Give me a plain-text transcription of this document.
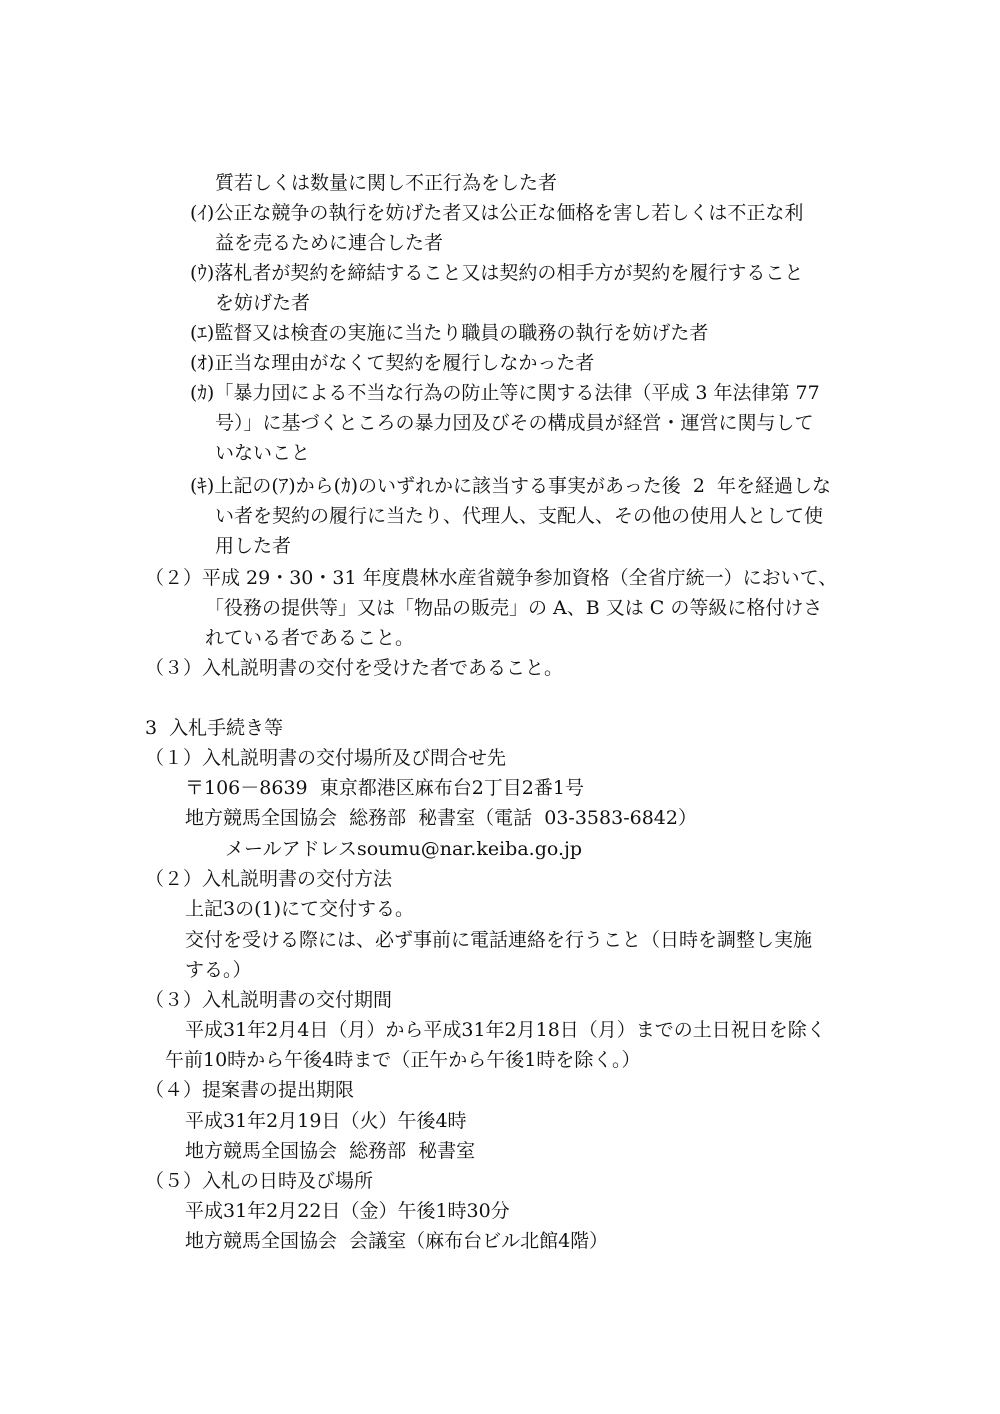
質若しくは数量に関し不正行為をした者
(ｲ)公正な競争の執行を妨げた者又は公正な価格を害し若しくは不正な利
益を売るために連合した者
(ｳ)落札者が契約を締結すること又は契約の相手方が契約を履行すること
を妨げた者
(ｴ)監督又は検査の実施に当たり職員の職務の執行を妨げた者
(ｵ)正当な理由がなくて契約を履行しなかった者
(ｶ)「暴力団による不当な行為の防止等に関する法律（平成 3 年法律第 77
号）」に基づくところの暴力団及びその構成員が経営・運営に関与して
いないこと
(ｷ)上記の(ｱ)から(ｶ)のいずれかに該当する事実があった後  2  年を経過しな
い者を契約の履行に当たり、代理人、支配人、その他の使用人として使
用した者
（２）平成 29・30・31 年度農林水産省競争参加資格（全省庁統一）において、
「役務の提供等」又は「物品の販売」の A、B 又は C の等級に格付けさ
れている者であること。
（３）入札説明書の交付を受けた者であること。
3  入札手続き等
（１）入札説明書の交付場所及び問合せ先
〒106－8639  東京都港区麻布台2丁目2番1号
地方競馬全国協会  総務部  秘書室（電話  03-3583-6842）
メールアドレスsoumu@nar.keiba.go.jp
（２）入札説明書の交付方法
上記3の(1)にて交付する。
交付を受ける際には、必ず事前に電話連絡を行うこと（日時を調整し実施
する。）
（３）入札説明書の交付期間
平成31年2月4日（月）から平成31年2月18日（月）までの土日祝日を除く
午前10時から午後4時まで（正午から午後1時を除く。）
（４）提案書の提出期限
平成31年2月19日（火）午後4時
地方競馬全国協会  総務部  秘書室
（５）入札の日時及び場所
平成31年2月22日（金）午後1時30分
地方競馬全国協会  会議室（麻布台ビル北館4階）
